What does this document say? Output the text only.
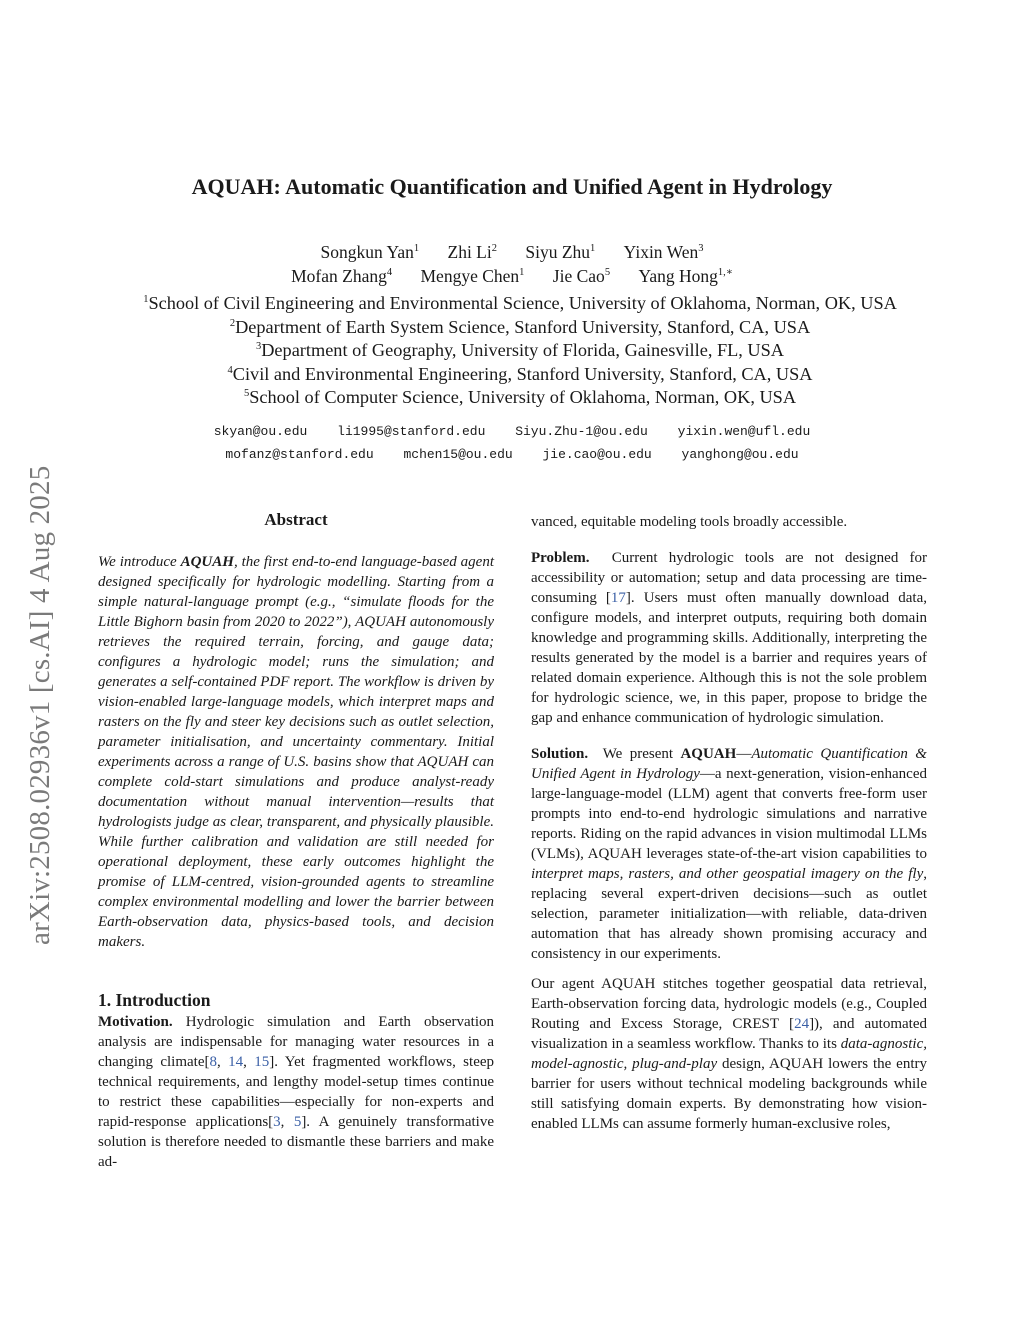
arXiv:2508.02936v1 [cs.AI] 4 Aug 2025
AQUAH: Automatic Quantification and Unified Agent in Hydrology
Songkun Yan$^1$ Zhi Li$^2$ Siyu Zhu$^1$ Yixin Wen$^3$
Mofan Zhang$^4$ Mengye Chen$^1$ Jie Cao$^5$ Yang Hong$^{1,∗}$
$^1$School of Civil Engineering and Environmental Science, University of Oklahoma, Norman, OK, USA
$^2$Department of Earth System Science, Stanford University, Stanford, CA, USA
$^3$Department of Geography, University of Florida, Gainesville, FL, USA
$^4$Civil and Environmental Engineering, Stanford University, Stanford, CA, USA
$^5$School of Computer Science, University of Oklahoma, Norman, OK, USA
skyan@ou.edu li1995@stanford.edu Siyu.Zhu-1@ou.edu yixin.wen@ufl.edu
mofanz@stanford.edu mchen15@ou.edu jie.cao@ou.edu yanghong@ou.edu
Abstract

We introduce AQUAH, the first end-to-end language-based agent designed specifically for hydrologic modelling. Starting from a simple natural-language prompt (e.g., “simulate floods for the Little Bighorn basin from 2020 to 2022”), AQUAH autonomously retrieves the required terrain, forcing, and gauge data; configures a hydrologic model; runs the simulation; and generates a self-contained PDF report. The workflow is driven by vision-enabled large-language models, which interpret maps and rasters on the fly and steer key decisions such as outlet selection, parameter initialisation, and uncertainty commentary. Initial experiments across a range of U.S. basins show that AQUAH can complete cold-start simulations and produce analyst-ready documentation without manual intervention—results that hydrologists judge as clear, transparent, and physically plausible. While further calibration and validation are still needed for operational deployment, these early outcomes highlight the promise of LLM-centred, vision-grounded agents to streamline complex environmental modelling and lower the barrier between Earth-observation data, physics-based tools, and decision makers.

1. Introduction

Motivation. Hydrologic simulation and Earth observation analysis are indispensable for managing water resources in a changing climate[8, 14, 15]. Yet fragmented workflows, steep technical requirements, and lengthy model-setup times continue to restrict these capabilities—especially for non-experts and rapid-response applications[3, 5]. A genuinely transformative solution is therefore needed to dismantle these barriers and make ad-

vanced, equitable modeling tools broadly accessible.

Problem. Current hydrologic tools are not designed for accessibility or automation; setup and data processing are time-consuming [17]. Users must often manually download data, configure models, and interpret outputs, requiring both domain knowledge and programming skills. Additionally, interpreting the results generated by the model is a barrier and requires years of related domain experience. Although this is not the sole problem for hydrologic science, we, in this paper, propose to bridge the gap and enhance communication of hydrologic simulation.

Solution. We present AQUAH—Automatic Quantification & Unified Agent in Hydrology—a next-generation, vision-enhanced large-language-model (LLM) agent that converts free-form user prompts into end-to-end hydrologic simulations and narrative reports. Riding on the rapid advances in vision multimodal LLMs (VLMs), AQUAH leverages state-of-the-art vision capabilities to interpret maps, rasters, and other geospatial imagery on the fly, replacing several expert-driven decisions—such as outlet selection, parameter initialization—with reliable, data-driven automation that has already shown promising accuracy and consistency in our experiments.

Our agent AQUAH stitches together geospatial data retrieval, Earth-observation forcing data, hydrologic models (e.g., Coupled Routing and Excess Storage, CREST [24]), and automated visualization in a seamless workflow. Thanks to its data-agnostic, model-agnostic, plug-and-play design, AQUAH lowers the entry barrier for users without technical modeling backgrounds while still satisfying domain experts. By demonstrating how vision-enabled LLMs can assume formerly human-exclusive roles,
